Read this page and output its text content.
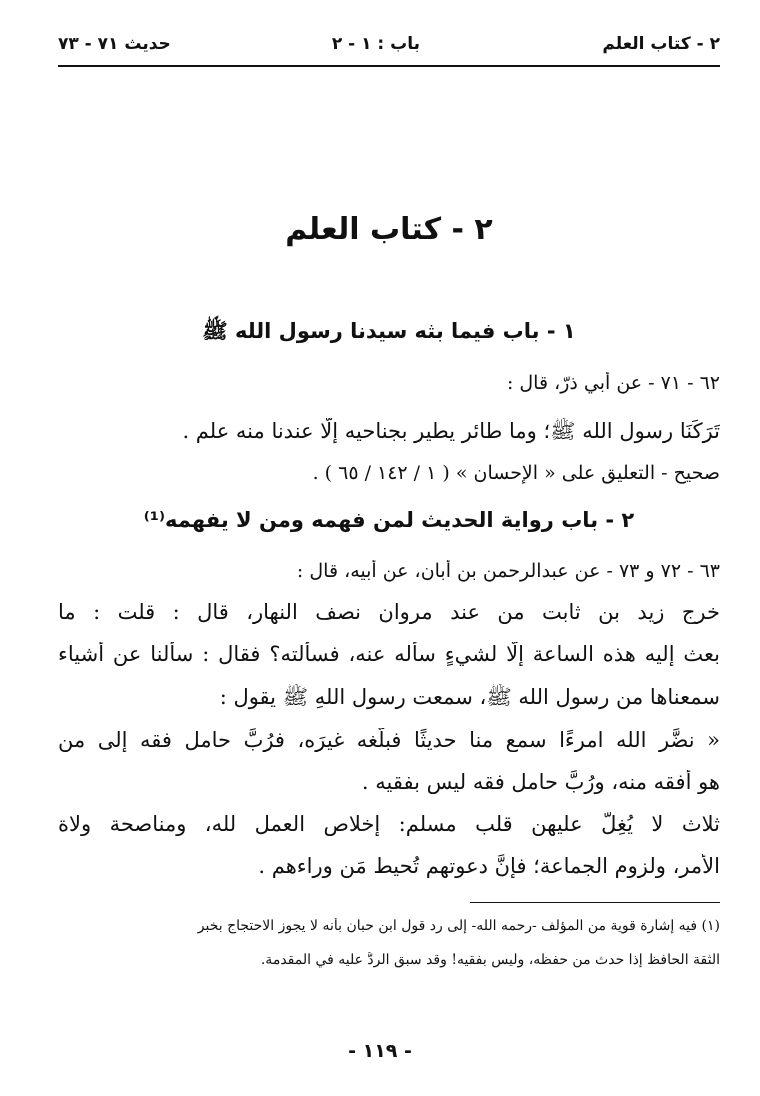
٢ - كتاب العلم
باب : ١ - ٢
حديث ٧١ - ٧٣
٢ - كتاب العلم
١ - باب فيما بثه سيدنا رسول الله ﷺ
٦٢ - ٧١ - عن أبي ذرّ، قال :
تَرَكَنَا رسول الله ﷺ؛ وما طائر يطير بجناحيه إلّا عندنا منه علم .
صحيح - التعليق على « الإحسان » ( ١ / ١٤٢ / ٦٥ ) .
٢ - باب رواية الحديث لمن فهمه ومن لا يفهمه⁽¹⁾
٦٣ - ٧٢ و ٧٣ - عن عبدالرحمن بن أبان، عن أبيه، قال :
خرج زيد بن ثابت من عند مروان نصف النهار، قال : قلت : ما
بعث إليه هذه الساعة إلّا لشيءٍ سأله عنه، فسألته؟ فقال : سألنا عن أشياء
سمعناها من رسول الله ﷺ، سمعت رسول اللهِ ﷺ يقول :
« نضَّر الله امرءًا سمع منا حديثًا فبلّغه غيرَه، فرُبَّ حامل فقه إلى من
هو أفقه منه، ورُبَّ حامل فقه ليس بفقيه .
ثلاث لا يُغِلُّ عليهن قلب مسلم: إخلاص العمل لله، ومناصحة ولاة
الأمر، ولزوم الجماعة؛ فإنَّ دعوتهم تُحيط مَن وراءهم .
(١) فيه إشارة قوية من المؤلف -رحمه الله- إلى رد قول ابن حبان بأنه لا يجوز الاحتجاج بخبر
الثقة الحافظ إذا حدث من حفظه، وليس بفقيه! وقد سبق الردُّ عليه في المقدمة.
- ١١٩ -
